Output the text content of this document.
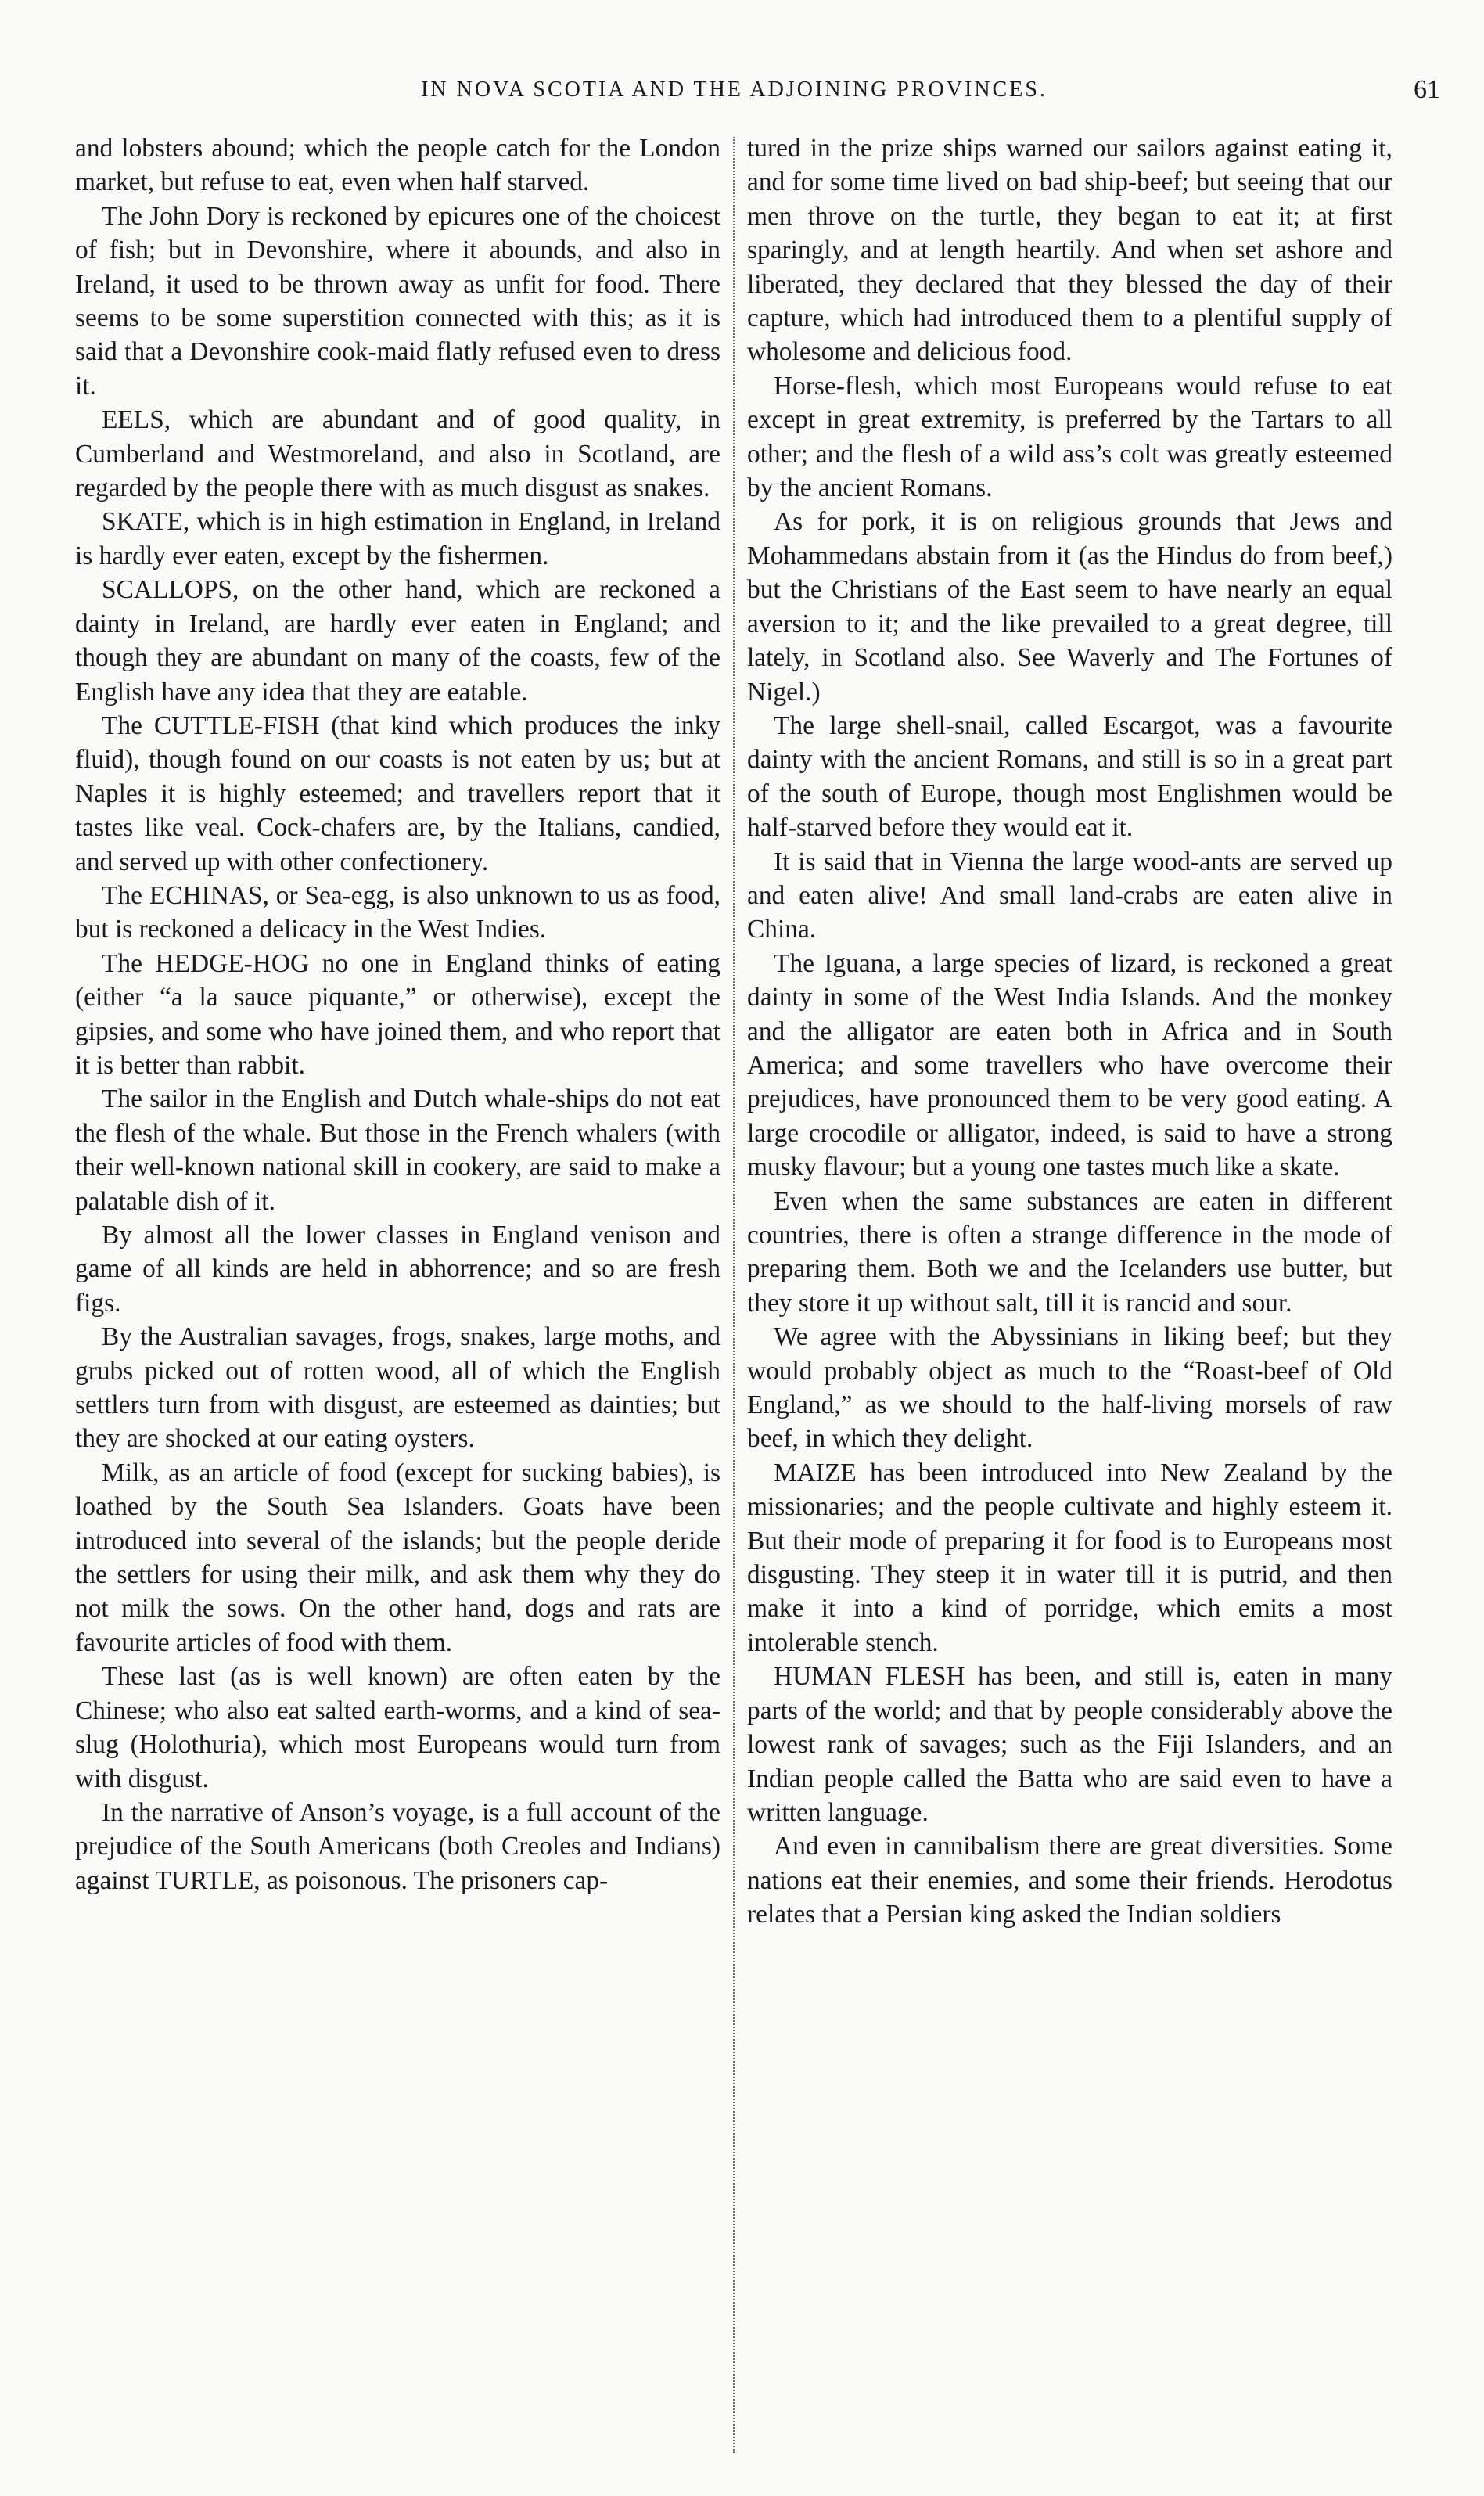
IN NOVA SCOTIA AND THE ADJOINING PROVINCES.	61

and lobsters abound; which the people catch for the London market, but refuse to eat, even when half starved.

The John Dory is reckoned by epicures one of the choicest of fish; but in Devonshire, where it abounds, and also in Ireland, it used to be thrown away as unfit for food. There seems to be some superstition connected with this; as it is said that a Devonshire cook-maid flatly refused even to dress it.

EELS, which are abundant and of good quality, in Cumberland and Westmoreland, and also in Scotland, are regarded by the people there with as much disgust as snakes.

SKATE, which is in high estimation in England, in Ireland is hardly ever eaten, except by the fishermen.

SCALLOPS, on the other hand, which are reckoned a dainty in Ireland, are hardly ever eaten in England; and though they are abundant on many of the coasts, few of the English have any idea that they are eatable.

The CUTTLE-FISH (that kind which produces the inky fluid), though found on our coasts is not eaten by us; but at Naples it is highly esteemed; and travellers report that it tastes like veal. Cock-chafers are, by the Italians, candied, and served up with other confectionery.

The ECHINAS, or Sea-egg, is also unknown to us as food, but is reckoned a delicacy in the West Indies.

The HEDGE-HOG no one in England thinks of eating (either “a la sauce piquante,” or otherwise), except the gipsies, and some who have joined them, and who report that it is better than rabbit.

The sailor in the English and Dutch whale-ships do not eat the flesh of the whale. But those in the French whalers (with their well-known national skill in cookery, are said to make a palatable dish of it.

By almost all the lower classes in England venison and game of all kinds are held in abhorrence; and so are fresh figs.

By the Australian savages, frogs, snakes, large moths, and grubs picked out of rotten wood, all of which the English settlers turn from with disgust, are esteemed as dainties; but they are shocked at our eating oysters.

Milk, as an article of food (except for sucking babies), is loathed by the South Sea Islanders. Goats have been introduced into several of the islands; but the people deride the settlers for using their milk, and ask them why they do not milk the sows. On the other hand, dogs and rats are favourite articles of food with them.

These last (as is well known) are often eaten by the Chinese; who also eat salted earth-worms, and a kind of sea-slug (Holothuria), which most Europeans would turn from with disgust.

In the narrative of Anson’s voyage, is a full account of the prejudice of the South Americans (both Creoles and Indians) against TURTLE, as poisonous. The prisoners cap-

tured in the prize ships warned our sailors against eating it, and for some time lived on bad ship-beef; but seeing that our men throve on the turtle, they began to eat it; at first sparingly, and at length heartily. And when set ashore and liberated, they declared that they blessed the day of their capture, which had introduced them to a plentiful supply of wholesome and delicious food.

Horse-flesh, which most Europeans would refuse to eat except in great extremity, is preferred by the Tartars to all other; and the flesh of a wild ass’s colt was greatly esteemed by the ancient Romans.

As for pork, it is on religious grounds that Jews and Mohammedans abstain from it (as the Hindus do from beef,) but the Christians of the East seem to have nearly an equal aversion to it; and the like prevailed to a great degree, till lately, in Scotland also. See Waverly and The Fortunes of Nigel.)

The large shell-snail, called Escargot, was a favourite dainty with the ancient Romans, and still is so in a great part of the south of Europe, though most Englishmen would be half-starved before they would eat it.

It is said that in Vienna the large wood-ants are served up and eaten alive! And small land-crabs are eaten alive in China.

The Iguana, a large species of lizard, is reckoned a great dainty in some of the West India Islands. And the monkey and the alligator are eaten both in Africa and in South America; and some travellers who have overcome their prejudices, have pronounced them to be very good eating. A large crocodile or alligator, indeed, is said to have a strong musky flavour; but a young one tastes much like a skate.

Even when the same substances are eaten in different countries, there is often a strange difference in the mode of preparing them. Both we and the Icelanders use butter, but they store it up without salt, till it is rancid and sour.

We agree with the Abyssinians in liking beef; but they would probably object as much to the “Roast-beef of Old England,” as we should to the half-living morsels of raw beef, in which they delight.

MAIZE has been introduced into New Zealand by the missionaries; and the people cultivate and highly esteem it. But their mode of preparing it for food is to Europeans most disgusting. They steep it in water till it is putrid, and then make it into a kind of porridge, which emits a most intolerable stench.

HUMAN FLESH has been, and still is, eaten in many parts of the world; and that by people considerably above the lowest rank of savages; such as the Fiji Islanders, and an Indian people called the Batta who are said even to have a written language.

And even in cannibalism there are great diversities. Some nations eat their enemies, and some their friends. Herodotus relates that a Persian king asked the Indian soldiers
